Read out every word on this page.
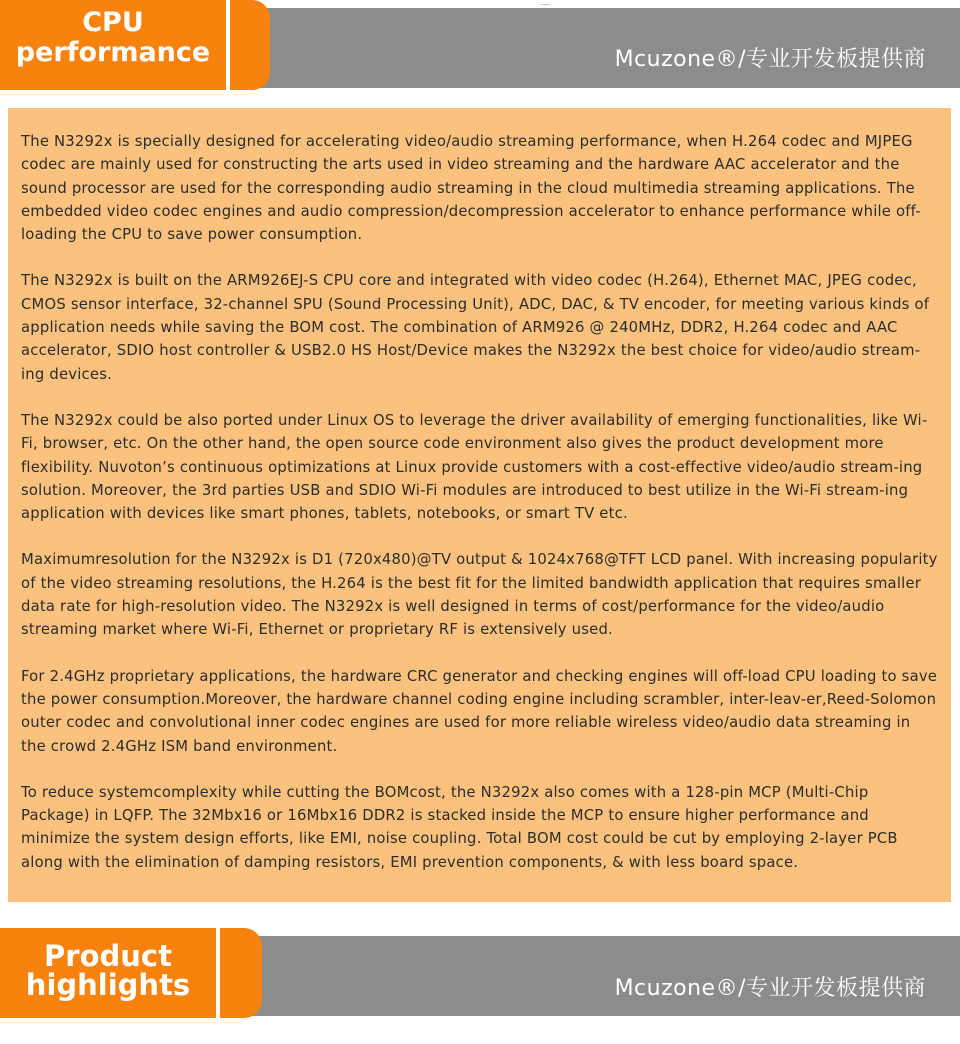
Mcuzone®/专业开发板提供商
CPU
performance

The N3292x is specially designed for accelerating video/audio streaming performance, when H.264 codec and MJPEG codec are mainly used for constructing the arts used in video streaming and the hardware AAC accelerator and the sound processor are used for the corresponding audio streaming in the cloud multimedia streaming applications. The embedded video codec engines and audio compression/decompression accelerator to enhance performance while off-loading the CPU to save power consumption.

The N3292x is built on the ARM926EJ-S CPU core and integrated with video codec (H.264), Ethernet MAC, JPEG codec, CMOS sensor interface, 32-channel SPU (Sound Processing Unit), ADC, DAC, & TV encoder, for meeting various kinds of application needs while saving the BOM cost. The combination of ARM926 @ 240MHz, DDR2, H.264 codec and AAC accelerator, SDIO host controller & USB2.0 HS Host/Device makes the N3292x the best choice for video/audio stream-ing devices.

The N3292x could be also ported under Linux OS to leverage the driver availability of emerging functionalities, like Wi-Fi, browser, etc. On the other hand, the open source code environment also gives the product development more flexibility. Nuvoton’s continuous optimizations at Linux provide customers with a cost-effective video/audio stream-ing solution. Moreover, the 3rd parties USB and SDIO Wi-Fi modules are introduced to best utilize in the Wi-Fi stream-ing application with devices like smart phones, tablets, notebooks, or smart TV etc.

Maximumresolution for the N3292x is D1 (720x480)@TV output & 1024x768@TFT LCD panel. With increasing popularity of the video streaming resolutions, the H.264 is the best fit for the limited bandwidth application that requires smaller data rate for high-resolution video. The N3292x is well designed in terms of cost/performance for the video/audio streaming market where Wi-Fi, Ethernet or proprietary RF is extensively used.

For 2.4GHz proprietary applications, the hardware CRC generator and checking engines will off-load CPU loading to save the power consumption.Moreover, the hardware channel coding engine including scrambler, inter-leav-er,Reed-Solomon outer codec and convolutional inner codec engines are used for more reliable wireless video/audio data streaming in the crowd 2.4GHz ISM band environment.

To reduce systemcomplexity while cutting the BOMcost, the N3292x also comes with a 128-pin MCP (Multi-Chip Package) in LQFP. The 32Mbx16 or 16Mbx16 DDR2 is stacked inside the MCP to ensure higher performance and minimize the system design efforts, like EMI, noise coupling. Total BOM cost could be cut by employing 2-layer PCB along with the elimination of damping resistors, EMI prevention components, & with less board space.

Mcuzone®/专业开发板提供商
Product
highlights
